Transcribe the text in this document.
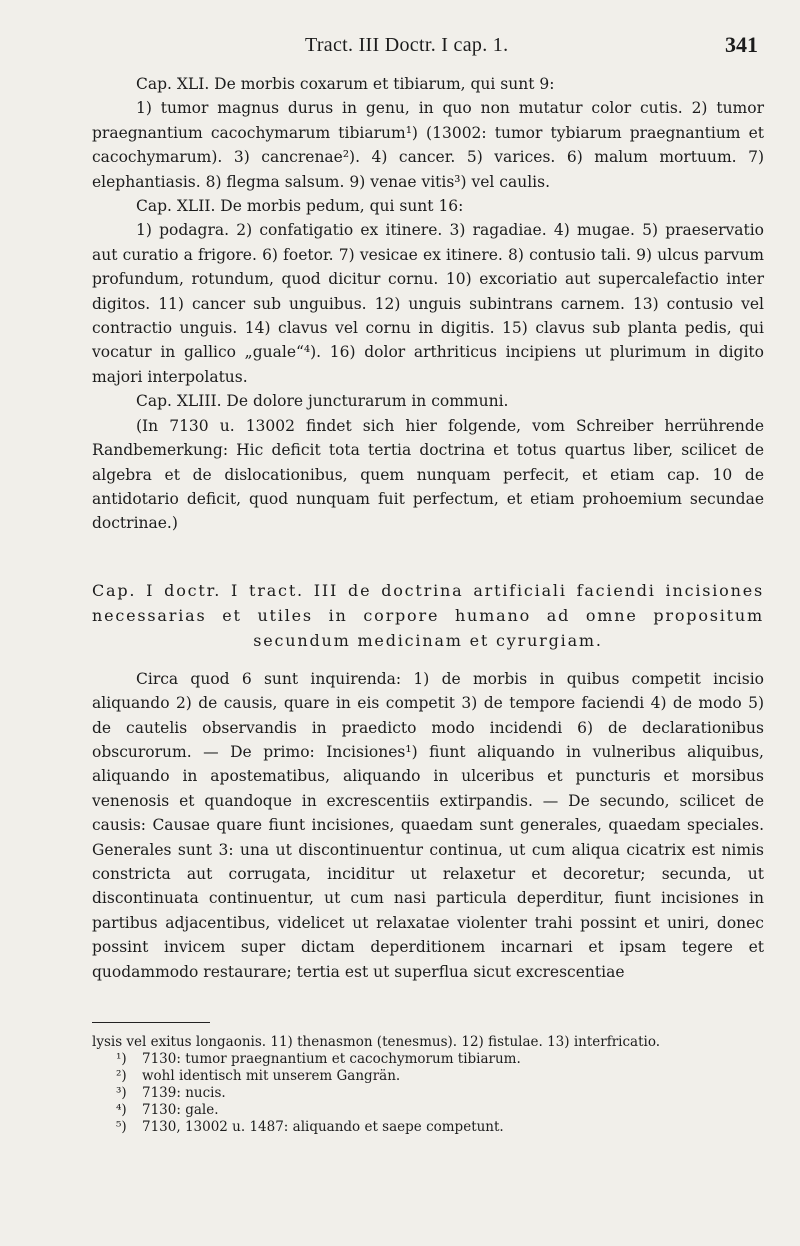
Tract. III Doctr. I cap. 1.	341

Cap. XLI. De morbis coxarum et tibiarum, qui sunt 9:

1) tumor magnus durus in genu, in quo non mutatur color cutis. 2) tumor praegnantium cacochymarum tibiarum¹) (13002: tumor tybiarum praegnantium et cacochymarum). 3) cancrenae²). 4) cancer. 5) varices. 6) malum mortuum. 7) elephantiasis. 8) flegma salsum. 9) venae vitis³) vel caulis.

Cap. XLII. De morbis pedum, qui sunt 16:

1) podagra. 2) confatigatio ex itinere. 3) ragadiae. 4) mugae. 5) praeservatio aut curatio a frigore. 6) foetor. 7) vesicae ex itinere. 8) contusio tali. 9) ulcus parvum profundum, rotundum, quod dicitur cornu. 10) excoriatio aut supercalefactio inter digitos. 11) cancer sub unguibus. 12) unguis subintrans carnem. 13) contusio vel contractio unguis. 14) clavus vel cornu in digitis. 15) clavus sub planta pedis, qui vocatur in gallico „guale“⁴). 16) dolor arthriticus incipiens ut plurimum in digito majori interpolatus.

Cap. XLIII. De dolore juncturarum in communi.

(In 7130 u. 13002 findet sich hier folgende, vom Schreiber herrührende Randbemerkung: Hic deficit tota tertia doctrina et totus quartus liber, scilicet de algebra et de dislocationibus, quem nunquam perfecit, et etiam cap. 10 de antidotario deficit, quod nunquam fuit perfectum, et etiam prohoemium secundae doctrinae.)

Cap. I doctr. I tract. III de doctrina artificiali faciendi incisiones necessarias et utiles in corpore humano ad omne propositum secundum medicinam et cyrurgiam.

Circa quod 6 sunt inquirenda: 1) de morbis in quibus competit incisio aliquando 2) de causis, quare in eis competit 3) de tempore faciendi 4) de modo 5) de cautelis observandis in praedicto modo incidendi 6) de declarationibus obscurorum. — De primo: Incisiones¹) fiunt aliquando in vulneribus aliquibus, aliquando in apostematibus, aliquando in ulceribus et puncturis et morsibus venenosis et quandoque in excrescentiis extirpandis. — De secundo, scilicet de causis: Causae quare fiunt incisiones, quaedam sunt generales, quaedam speciales. Generales sunt 3: una ut discontinuentur continua, ut cum aliqua cicatrix est nimis constricta aut corrugata, inciditur ut relaxetur et decoretur; secunda, ut discontinuata continuentur, ut cum nasi particula deperditur, fiunt incisiones in partibus adjacentibus, videlicet ut relaxatae violenter trahi possint et uniri, donec possint invicem super dictam deperditionem incarnari et ipsam tegere et quodammodo restaurare; tertia est ut superflua sicut excrescentiae

lysis vel exitus longaonis. 11) thenasmon (tenesmus). 12) fistulae. 13) interfricatio.

¹) 7130: tumor praegnantium et cacochymorum tibiarum.

²) wohl identisch mit unserem Gangrän.

³) 7139: nucis.

⁴) 7130: gale.

⁵) 7130, 13002 u. 1487: aliquando et saepe competunt.
